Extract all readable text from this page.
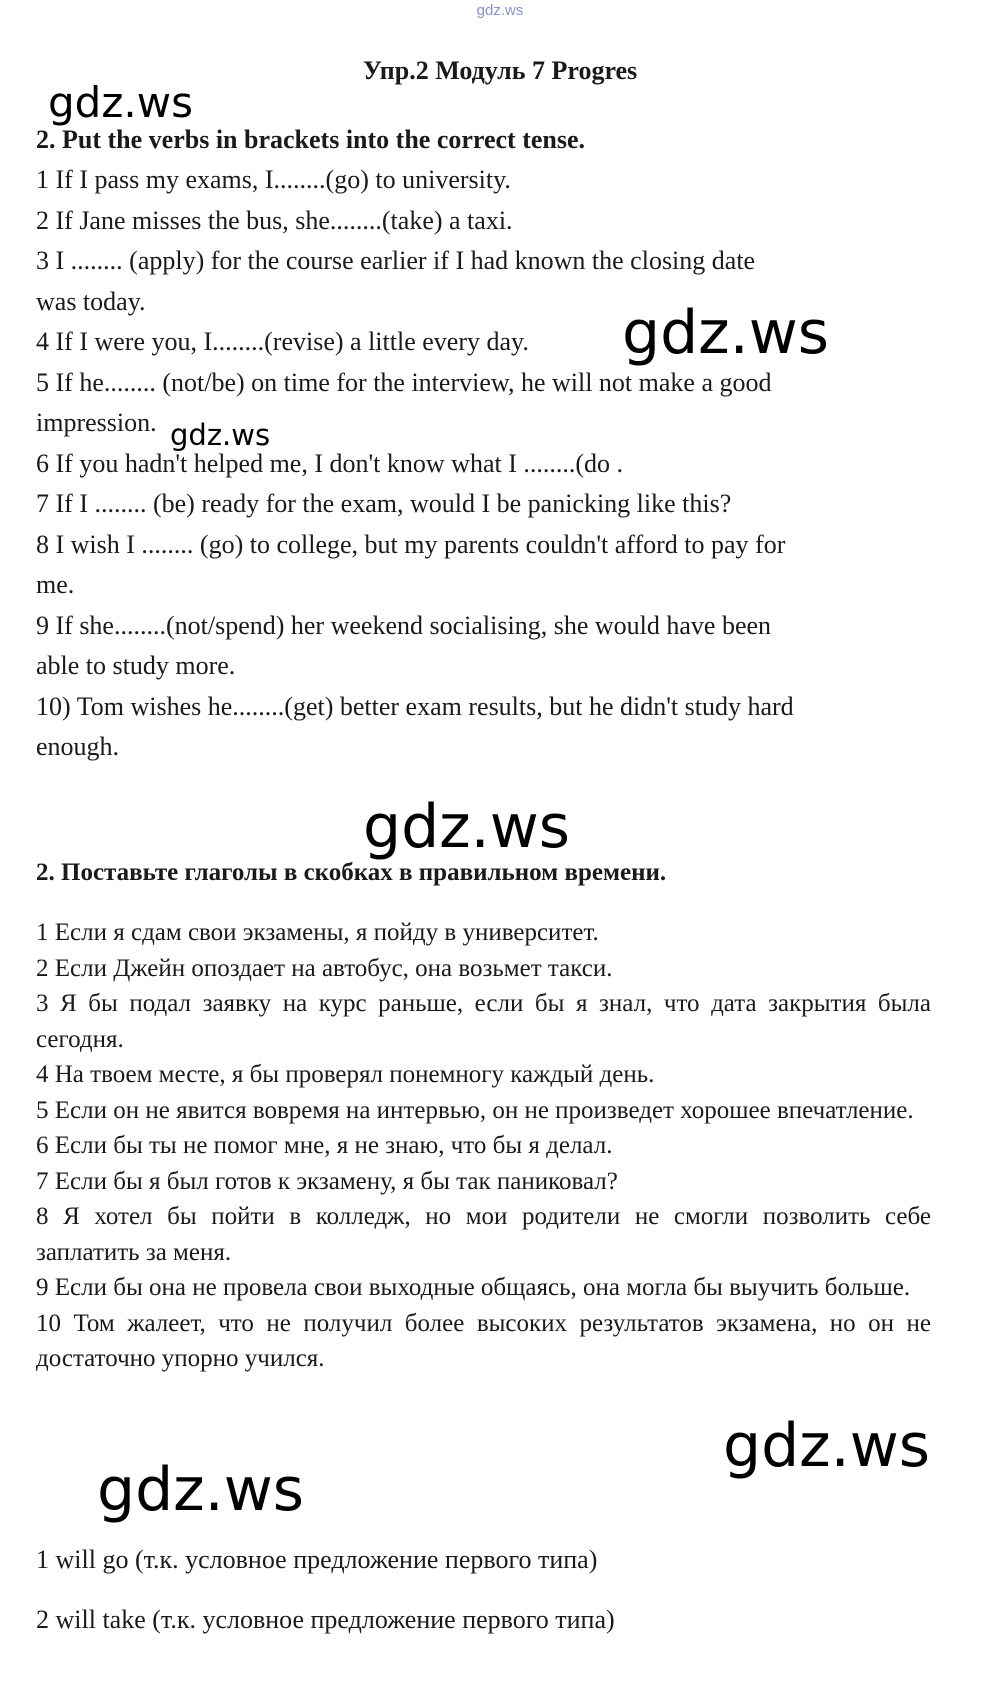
gdz.ws
Упр.2 Модуль 7 Progres
2. Put the verbs in brackets into the correct tense.
1 If I pass my exams, I........(go) to university.
2 If Jane misses the bus, she........(take) a taxi.
3 I ........ (apply) for the course earlier if I had known the closing date
was today.
4 If I were you, I........(revise) a little every day.
5 If he........ (not/be) on time for the interview, he will not make a good
impression.
6 If you hadn't helped me, I don't know what I ........(do .
7 If I ........ (be) ready for the exam, would I be panicking like this?
8 I wish I ........ (go) to college, but my parents couldn't afford to pay for
me.
9 If she........(not/spend) her weekend socialising, she would have been
able to study more.
10) Tom wishes he........(get) better exam results, but he didn't study hard
enough.
2. Поставьте глаголы в скобках в правильном времени.
1 Если я сдам свои экзамены, я пойду в университет.
2 Если Джейн опоздает на автобус, она возьмет такси.
3 Я бы подал заявку на курс раньше, если бы я знал, что дата закрытия была сегодня.
4 На твоем месте, я бы проверял понемногу каждый день.
5 Если он не явится вовремя на интервью, он не произведет хорошее впечатление.
6 Если бы ты не помог мне, я не знаю, что бы я делал.
7 Если бы я был готов к экзамену, я бы так паниковал?
8 Я хотел бы пойти в колледж, но мои родители не смогли позволить себе заплатить за меня.
9 Если бы она не провела свои выходные общаясь, она могла бы выучить больше.
10 Том жалеет, что не получил более высоких результатов экзамена, но он не достаточно упорно учился.
1 will go (т.к. условное предложение первого типа)
2 will take (т.к. условное предложение первого типа)
gdz.ws
gdz.ws
gdz.ws
gdz.ws
gdz.ws
gdz.ws
